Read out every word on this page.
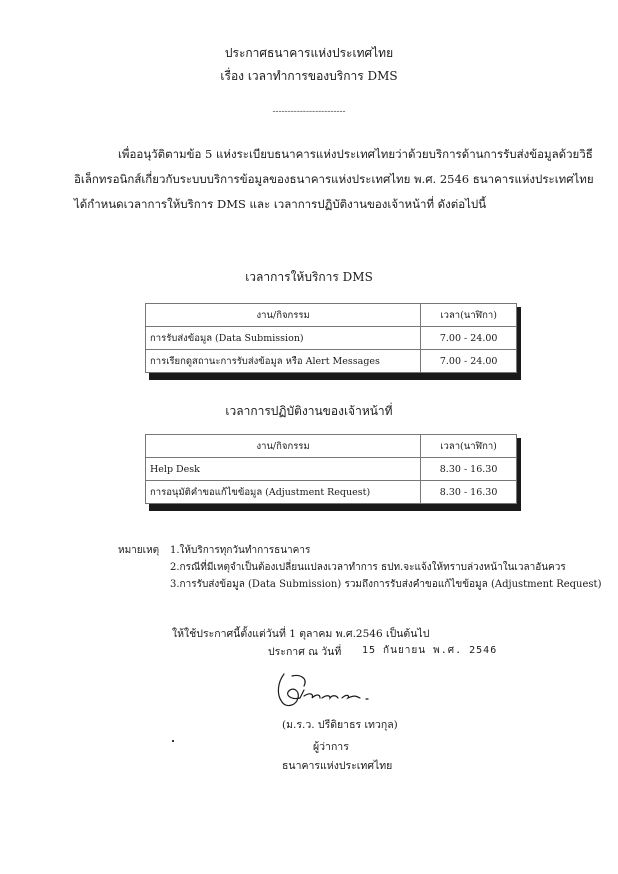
ประกาศธนาคารแห่งประเทศไทย
เรื่อง เวลาทำการของบริการ DMS
------------------------
เพื่ออนุวัติตามข้อ 5 แห่งระเบียบธนาคารแห่งประเทศไทยว่าด้วยบริการด้านการรับส่งข้อมูลด้วยวิธี
อิเล็กทรอนิกส์เกี่ยวกับระบบบริการข้อมูลของธนาคารแห่งประเทศไทย พ.ศ. 2546 ธนาคารแห่งประเทศไทย
ได้กำหนดเวลาการให้บริการ DMS และ เวลาการปฏิบัติงานของเจ้าหน้าที่ ดังต่อไปนี้
เวลาการให้บริการ DMS
งาน/กิจกรรม	เวลา(นาฬิกา)
การรับส่งข้อมูล (Data Submission)	7.00 - 24.00
การเรียกดูสถานะการรับส่งข้อมูล หรือ Alert Messages	7.00 - 24.00
เวลาการปฏิบัติงานของเจ้าหน้าที่
งาน/กิจกรรม	เวลา(นาฬิกา)
Help Desk	8.30 - 16.30
การอนุมัติคำขอแก้ไขข้อมูล (Adjustment Request)	8.30 - 16.30
หมายเหตุ 1.ให้บริการทุกวันทำการธนาคาร
2.กรณีที่มีเหตุจำเป็นต้องเปลี่ยนแปลงเวลาทำการ ธปท.จะแจ้งให้ทราบล่วงหน้าในเวลาอันควร
3.การรับส่งข้อมูล (Data Submission) รวมถึงการรับส่งคำขอแก้ไขข้อมูล (Adjustment Request)
ให้ใช้ประกาศนี้ตั้งแต่วันที่ 1 ตุลาคม พ.ศ.2546 เป็นต้นไป
ประกาศ ณ วันที่ 15 กันยายน พ.ศ. 2546
(ม.ร.ว. ปรีดิยาธร เทวกุล)
ผู้ว่าการ
ธนาคารแห่งประเทศไทย
